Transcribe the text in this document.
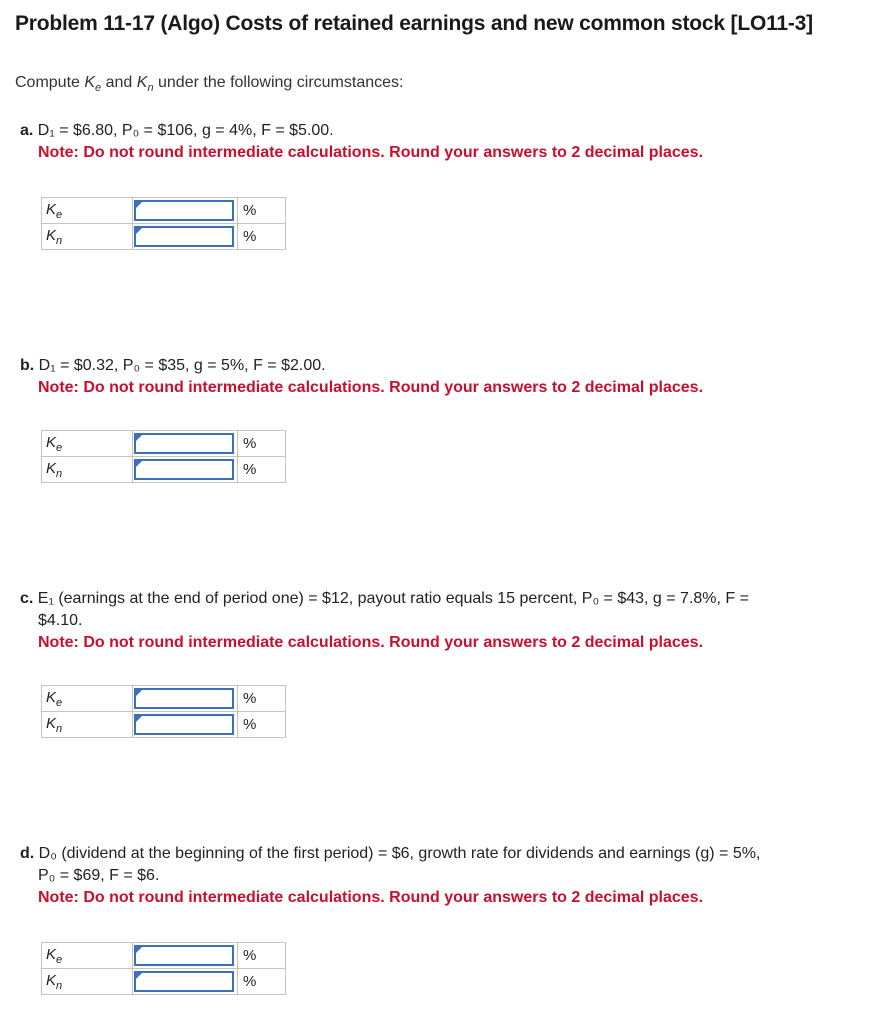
Problem 11-17 (Algo) Costs of retained earnings and new common stock [LO11-3]
Compute $K_e$ and $K_n$ under the following circumstances:
a. D₁ = $6.80, P₀ = $106, g = 4%, F = $5.00.
Note: Do not round intermediate calculations. Round your answers to 2 decimal places.
$K_e$		%
$K_n$		%
b. D₁ = $0.32, P₀ = $35, g = 5%, F = $2.00.
Note: Do not round intermediate calculations. Round your answers to 2 decimal places.
$K_e$		%
$K_n$		%
c. E₁ (earnings at the end of period one) = $12, payout ratio equals 15 percent, P₀ = $43, g = 7.8%, F =
$4.10.
Note: Do not round intermediate calculations. Round your answers to 2 decimal places.
$K_e$		%
$K_n$		%
d. D₀ (dividend at the beginning of the first period) = $6, growth rate for dividends and earnings (g) = 5%,
P₀ = $69, F = $6.
Note: Do not round intermediate calculations. Round your answers to 2 decimal places.
$K_e$		%
$K_n$		%
